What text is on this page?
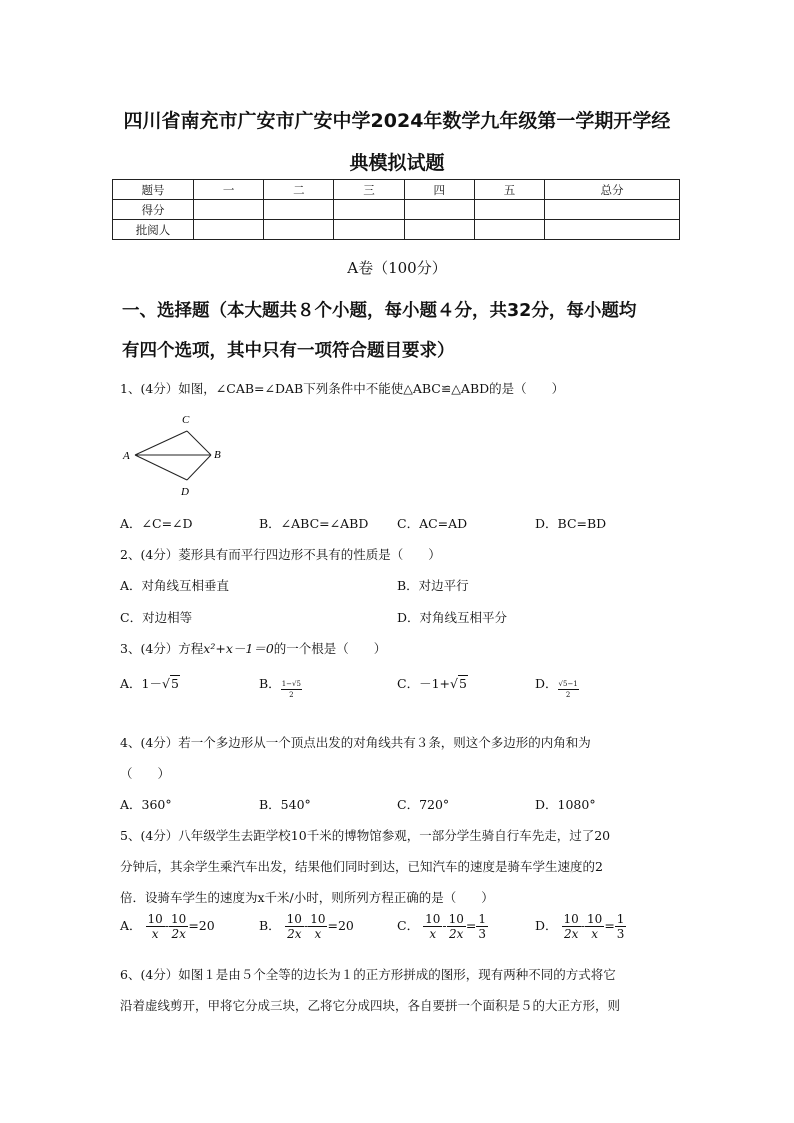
四川省南充市广安市广安中学2024年数学九年级第一学期开学经
典模拟试题
题号	一	二	三	四	五	总分
得分						
批阅人						
A卷（100分）
一、选择题（本大题共８个小题，每小题４分，共32分，每小题均
有四个选项，其中只有一项符合题目要求）
1、(4分）如图，∠CAB=∠DAB下列条件中不能使△ABC≌△ABD的是（　　）
C
A	B
D
A．∠C=∠D	B．∠ABC=∠ABD C．AC=AD	D．BC=BD
2、(4分）菱形具有而平行四边形不具有的性质是（　　）
A．对角线互相垂直	B．对边平行
C．对边相等	D．对角线互相平分
3、(4分）方程x²+x－1＝0的一个根是（　　）
A．1－√5	B． $\frac{1-√5}{2}$	C．－1+√5	D． $\frac{√5-1}{2}$
4、(4分）若一个多边形从一个顶点出发的对角线共有３条，则这个多边形的内角和为
（　　）
A．360°	B．540°	C．720°	D．1080°
5、(4分）八年级学生去距学校10千米的博物馆参观，一部分学生骑自行车先走，过了20
分钟后，其余学生乘汽车出发，结果他们同时到达，已知汽车的速度是骑车学生速度的2
倍．设骑车学生的速度为x千米/小时，则所列方程正确的是（　　）
A． $\frac{10}{x} - \frac{10}{2x} =20$	B． $\frac{10}{2x} - \frac{10}{x} =20$	C． $\frac{10}{x} - \frac{10}{2x} = \frac{1}{3}$	D． $\frac{10}{2x} - \frac{10}{x} = \frac{1}{3}$
6、(4分）如图１是由５个全等的边长为１的正方形拼成的图形，现有两种不同的方式将它
沿着虚线剪开，甲将它分成三块，乙将它分成四块，各自要拼一个面积是５的大正方形，则
